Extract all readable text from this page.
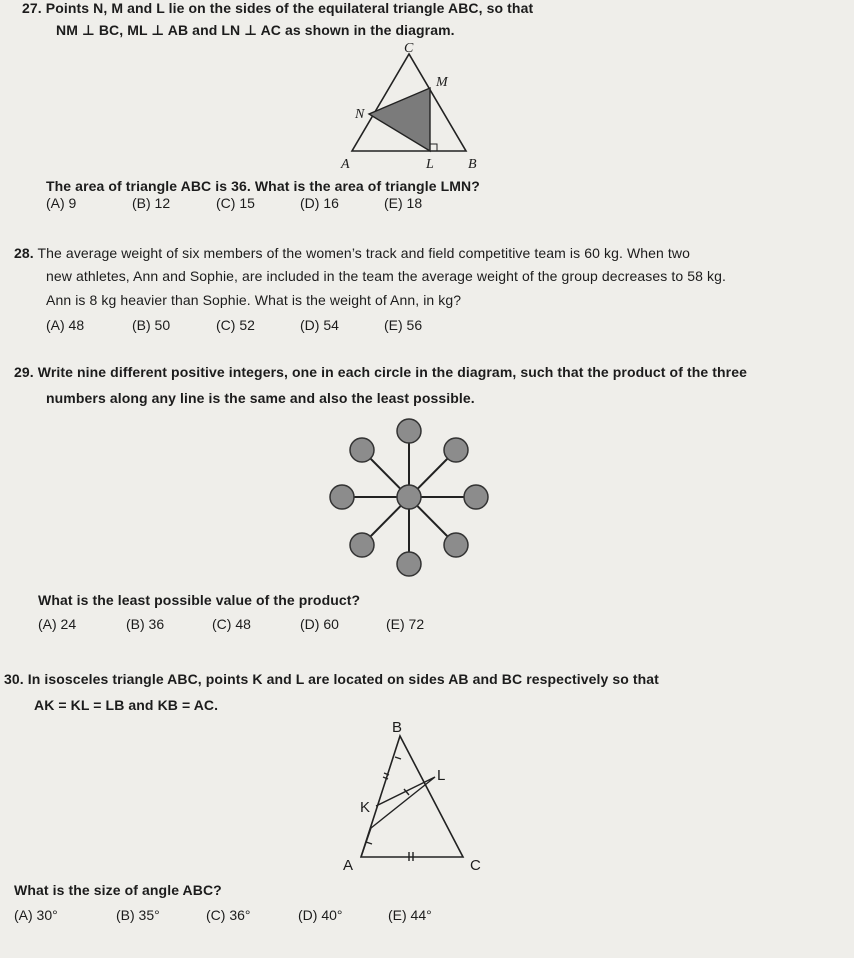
27. Points N, M and L lie on the sides of the equilateral triangle ABC, so that
NM ⊥ BC, ML ⊥ AB and LN ⊥ AC as shown in the diagram.
A	B
C
L
M
N
The area of triangle ABC is 36. What is the area of triangle LMN?
(A) 9	(B) 12	(C) 15	(D) 16	(E) 18
28. The average weight of six members of the women’s track and field competitive team is 60 kg. When two
new athletes, Ann and Sophie, are included in the team the average weight of the group decreases to 58 kg.
Ann is 8 kg heavier than Sophie. What is the weight of Ann, in kg?
(A) 48	(B) 50	(C) 52	(D) 54	(E) 56
29. Write nine different positive integers, one in each circle in the diagram, such that the product of the three
numbers along any line is the same and also the least possible.
What is the least possible value of the product?
(A) 24	(B) 36	(C) 48	(D) 60	(E) 72
30. In isosceles triangle ABC, points K and L are located on sides AB and BC respectively so that
AK = KL = LB and KB = AC.
B
A	C
K
L
What is the size of angle ABC?
(A) 30°	(B) 35°	(C) 36°	(D) 40°	(E) 44°
